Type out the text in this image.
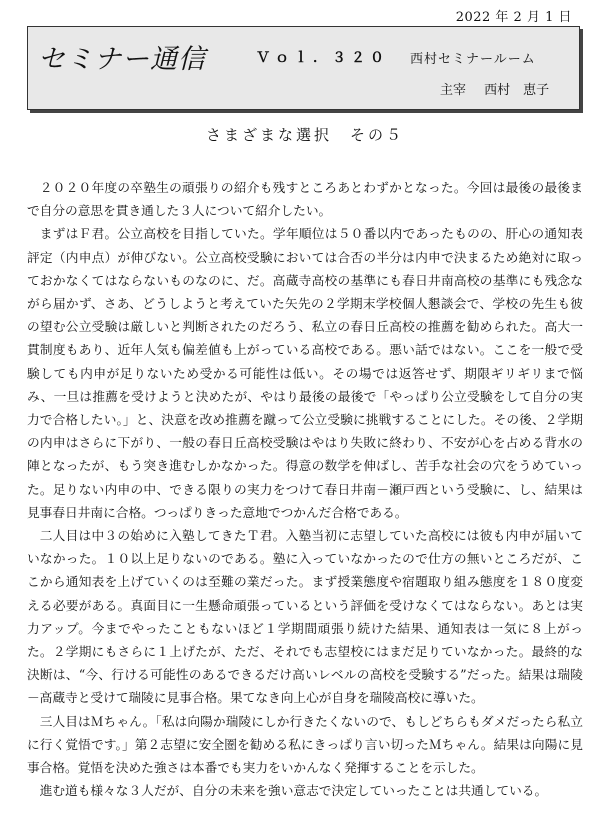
2022 年 2 月 1 日
セミナー通信	Ｖｏｌ．３２０ 西村セミナールーム
主宰 西村　恵子
さまざまな選択　その５

２０２０年度の卒塾生の頑張りの紹介も残すところあとわずかとなった。今回は最後の最後まで自分の意思を貫き通した３人について紹介したい。

まずはＦ君。公立高校を目指していた。学年順位は５０番以内であったものの、肝心の通知表評定（内申点）が伸びない。公立高校受験においては合否の半分は内申で決まるため絶対に取っておかなくてはならないものなのに、だ。高蔵寺高校の基準にも春日井南高校の基準にも残念ながら届かず、さあ、どうしようと考えていた矢先の２学期末学校個人懇談会で、学校の先生も彼の望む公立受験は厳しいと判断されたのだろう、私立の春日丘高校の推薦を勧められた。高大一貫制度もあり、近年人気も偏差値も上がっている高校である。悪い話ではない。ここを一般で受験しても内申が足りないため受かる可能性は低い。その場では返答せず、期限ギリギリまで悩み、一旦は推薦を受けようと決めたが、やはり最後の最後で「やっぱり公立受験をして自分の実力で合格したい。」と、決意を改め推薦を蹴って公立受験に挑戦することにした。その後、２学期の内申はさらに下がり、一般の春日丘高校受験はやはり失敗に終わり、不安が心を占める背水の陣となったが、もう突き進むしかなかった。得意の数学を伸ばし、苦手な社会の穴をうめていった。足りない内申の中、できる限りの実力をつけて春日井南－瀬戸西という受験に、し、結果は見事春日井南に合格。つっぱりきった意地でつかんだ合格である。

二人目は中３の始めに入塾してきたＴ君。入塾当初に志望していた高校には彼も内申が届いていなかった。１０以上足りないのである。塾に入っていなかったので仕方の無いところだが、ここから通知表を上げていくのは至難の業だった。まず授業態度や宿題取り組み態度を１８０度変える必要がある。真面目に一生懸命頑張っているという評価を受けなくてはならない。あとは実力アップ。今までやったこともないほど１学期間頑張り続けた結果、通知表は一気に８上がった。２学期にもさらに１上げたが、ただ、それでも志望校にはまだ足りていなかった。最終的な決断は、“今、行ける可能性のあるできるだけ高いレベルの高校を受験する”だった。結果は瑞陵－高蔵寺と受けて瑞陵に見事合格。果てなき向上心が自身を瑞陵高校に導いた。

三人目はＭちゃん。「私は向陽か瑞陵にしか行きたくないので、もしどちらもダメだったら私立に行く覚悟です。」第２志望に安全圏を勧める私にきっぱり言い切ったＭちゃん。結果は向陽に見事合格。覚悟を決めた強さは本番でも実力をいかんなく発揮することを示した。

進む道も様々な３人だが、自分の未来を強い意志で決定していったことは共通している。
